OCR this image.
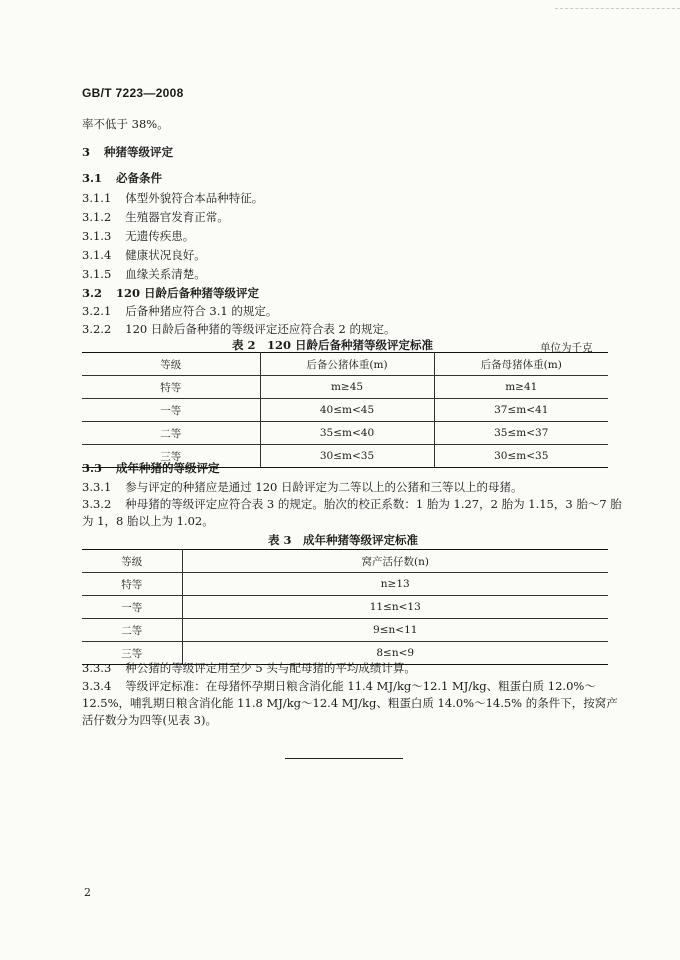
GB/T 7223—2008
率不低于 38%。
3 种猪等级评定
3.1 必备条件
3.1.1 体型外貌符合本品种特征。
3.1.2 生殖器官发育正常。
3.1.3 无遗传疾患。
3.1.4 健康状况良好。
3.1.5 血缘关系清楚。
3.2 120 日龄后备种猪等级评定
3.2.1 后备种猪应符合 3.1 的规定。
3.2.2 120 日龄后备种猪的等级评定还应符合表 2 的规定。
表 2　120 日龄后备种猪等级评定标准	单位为千克
等级	后备公猪体重(m)	后备母猪体重(m)
特等	m≥45	m≥41
一等	40≤m<45	37≤m<41
二等	35≤m<40	35≤m<37
三等	30≤m<35	30≤m<35
3.3 成年种猪的等级评定
3.3.1 参与评定的种猪应是通过 120 日龄评定为二等以上的公猪和三等以上的母猪。
3.3.2 种母猪的等级评定应符合表 3 的规定。胎次的校正系数：1 胎为 1.27，2 胎为 1.15，3 胎～7 胎
为 1，8 胎以上为 1.02。
表 3　成年种猪等级评定标准
等级	窝产活仔数(n)
特等	n≥13
一等	11≤n<13
二等	9≤n<11
三等	8≤n<9
3.3.3 种公猪的等级评定用至少 5 头与配母猪的平均成绩计算。
3.3.4 等级评定标准：在母猪怀孕期日粮含消化能 11.4 MJ/kg～12.1 MJ/kg、粗蛋白质 12.0%～
12.5%，哺乳期日粮含消化能 11.8 MJ/kg～12.4 MJ/kg、粗蛋白质 14.0%～14.5% 的条件下，按窝产
活仔数分为四等(见表 3)。
2
